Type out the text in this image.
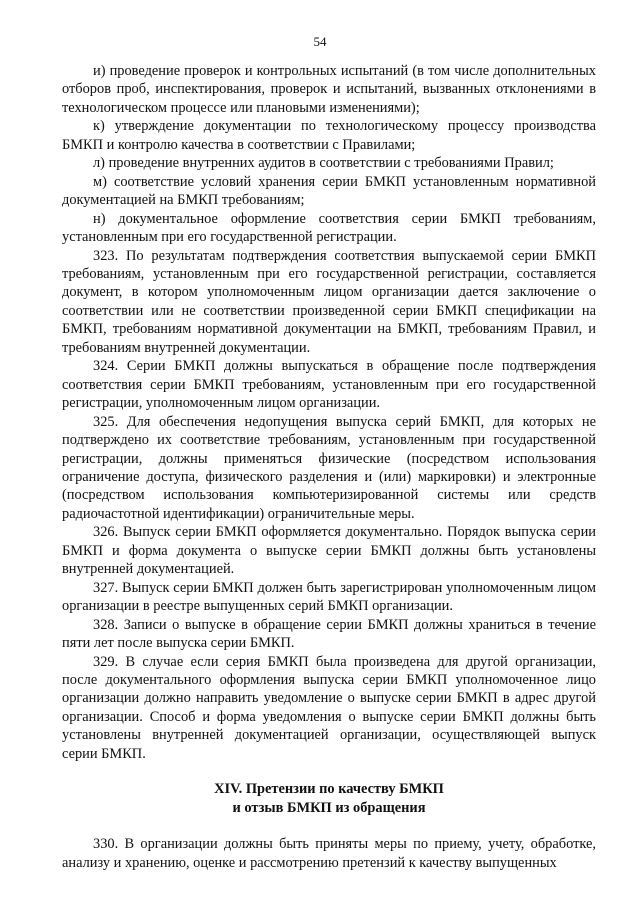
54

и) проведение проверок и контрольных испытаний (в том числе дополнительных отборов проб, инспектирования, проверок и испытаний, вызванных отклонениями в технологическом процессе или плановыми изменениями);

к) утверждение документации по технологическому процессу производства БМКП и контролю качества в соответствии с Правилами;

л) проведение внутренних аудитов в соответствии с требованиями Правил;

м) соответствие условий хранения серии БМКП установленным нормативной документацией на БМКП требованиям;

н) документальное оформление соответствия серии БМКП требованиям, установленным при его государственной регистрации.

323. По результатам подтверждения соответствия выпускаемой серии БМКП требованиям, установленным при его государственной регистрации, составляется документ, в котором уполномоченным лицом организации дается заключение о соответствии или не соответствии произведенной серии БМКП спецификации на БМКП, требованиям нормативной документации на БМКП, требованиям Правил, и требованиям внутренней документации.

324. Серии БМКП должны выпускаться в обращение после подтверждения соответствия серии БМКП требованиям, установленным при его государственной регистрации, уполномоченным лицом организации.

325. Для обеспечения недопущения выпуска серий БМКП, для которых не подтверждено их соответствие требованиям, установленным при государственной регистрации, должны применяться физические (посредством использования ограничение доступа, физического разделения и (или) маркировки) и электронные (посредством использования компьютеризированной системы или средств радиочастотной идентификации) ограничительные меры.

326. Выпуск серии БМКП оформляется документально. Порядок выпуска серии БМКП и форма документа о выпуске серии БМКП должны быть установлены внутренней документацией.

327. Выпуск серии БМКП должен быть зарегистрирован уполномоченным лицом организации в реестре выпущенных серий БМКП организации.

328. Записи о выпуске в обращение серии БМКП должны храниться в течение пяти лет после выпуска серии БМКП.

329. В случае если серия БМКП была произведена для другой организации, после документального оформления выпуска серии БМКП уполномоченное лицо организации должно направить уведомление о выпуске серии БМКП в адрес другой организации. Способ и форма уведомления о выпуске серии БМКП должны быть установлены внутренней документацией организации, осуществляющей выпуск серии БМКП.

XIV. Претензии по качеству БМКП
и отзыв БМКП из обращения

330. В организации должны быть приняты меры по приему, учету, обработке, анализу и хранению, оценке и рассмотрению претензий к качеству выпущенных
